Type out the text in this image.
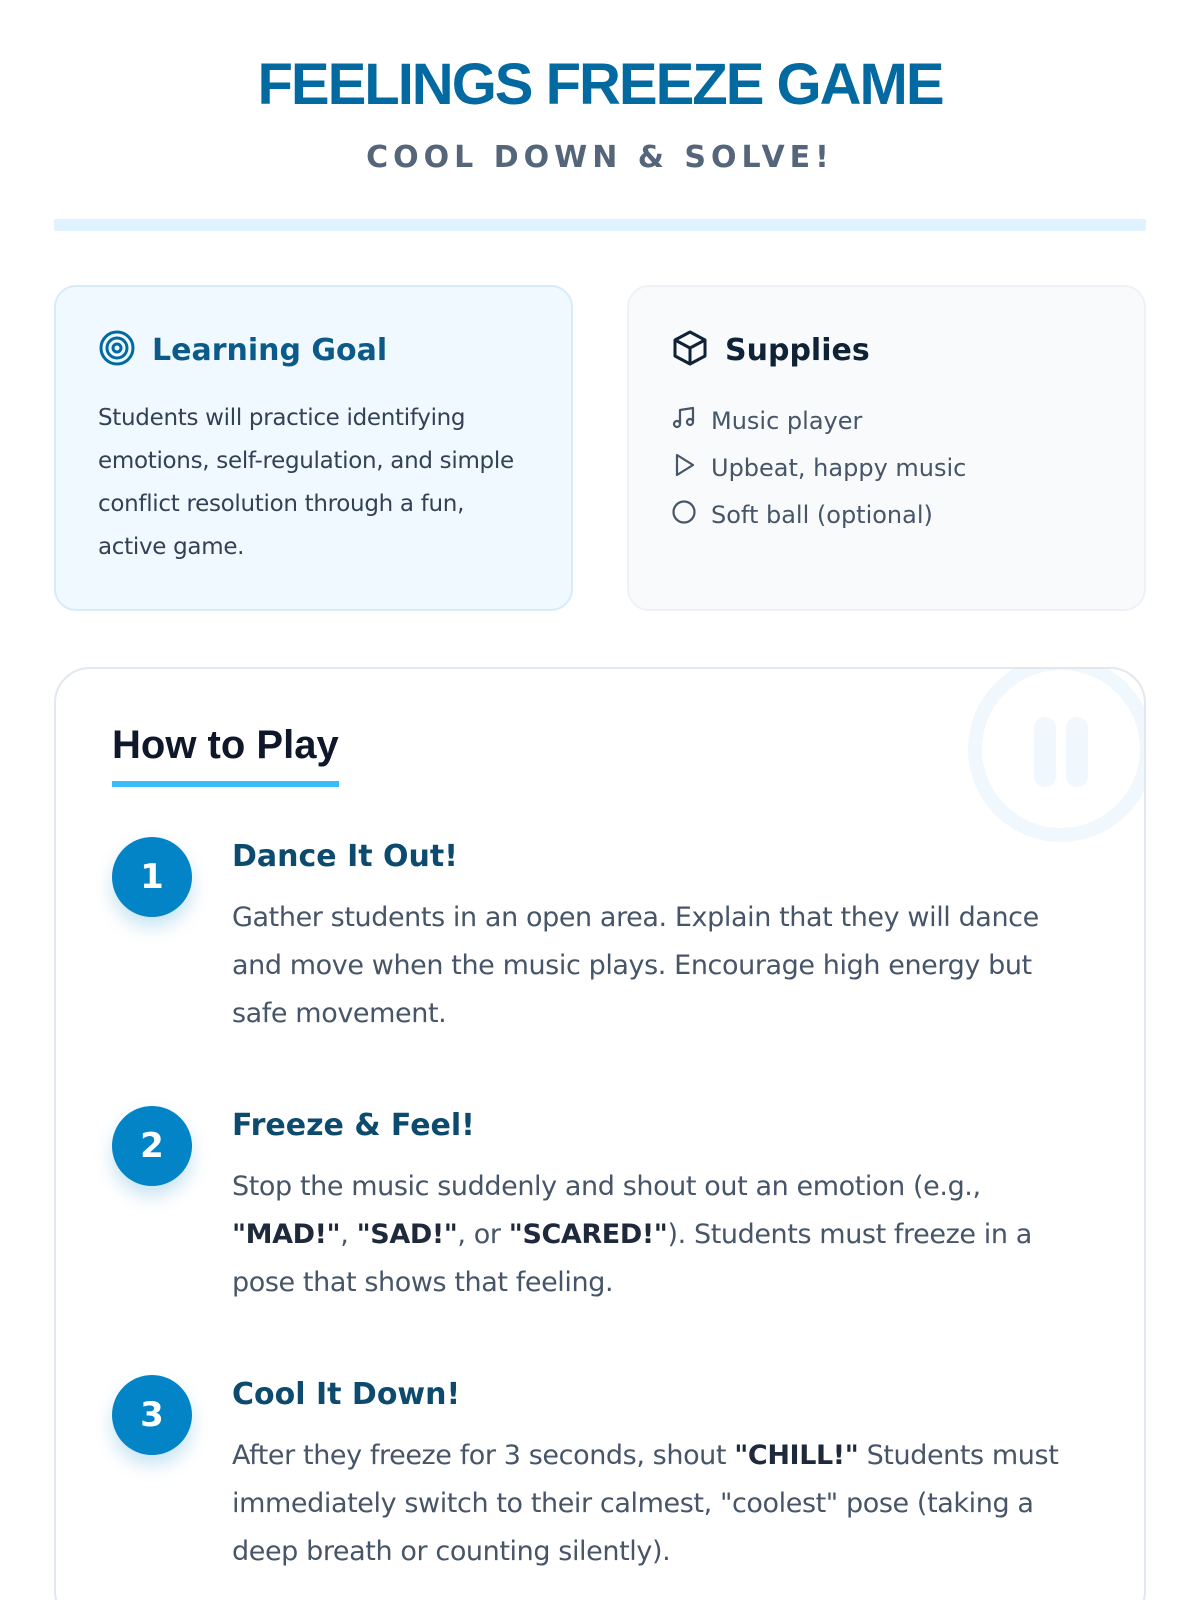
FEELINGS FREEZE GAME
COOL DOWN & SOLVE!
Learning Goal

Students will practice identifying emotions, self-regulation, and simple conflict resolution through a fun, active game.

Supplies
Music player
Upbeat, happy music
Soft ball (optional)
How to Play
1
Dance It Out!

Gather students in an open area. Explain that they will dance and move when the music plays. Encourage high energy but safe movement.

2
Freeze & Feel!

Stop the music suddenly and shout out an emotion (e.g., "MAD!", "SAD!", or "SCARED!"). Students must freeze in a pose that shows that feeling.

3
Cool It Down!

After they freeze for 3 seconds, shout "CHILL!" Students must immediately switch to their calmest, "coolest" pose (taking a deep breath or counting silently).
